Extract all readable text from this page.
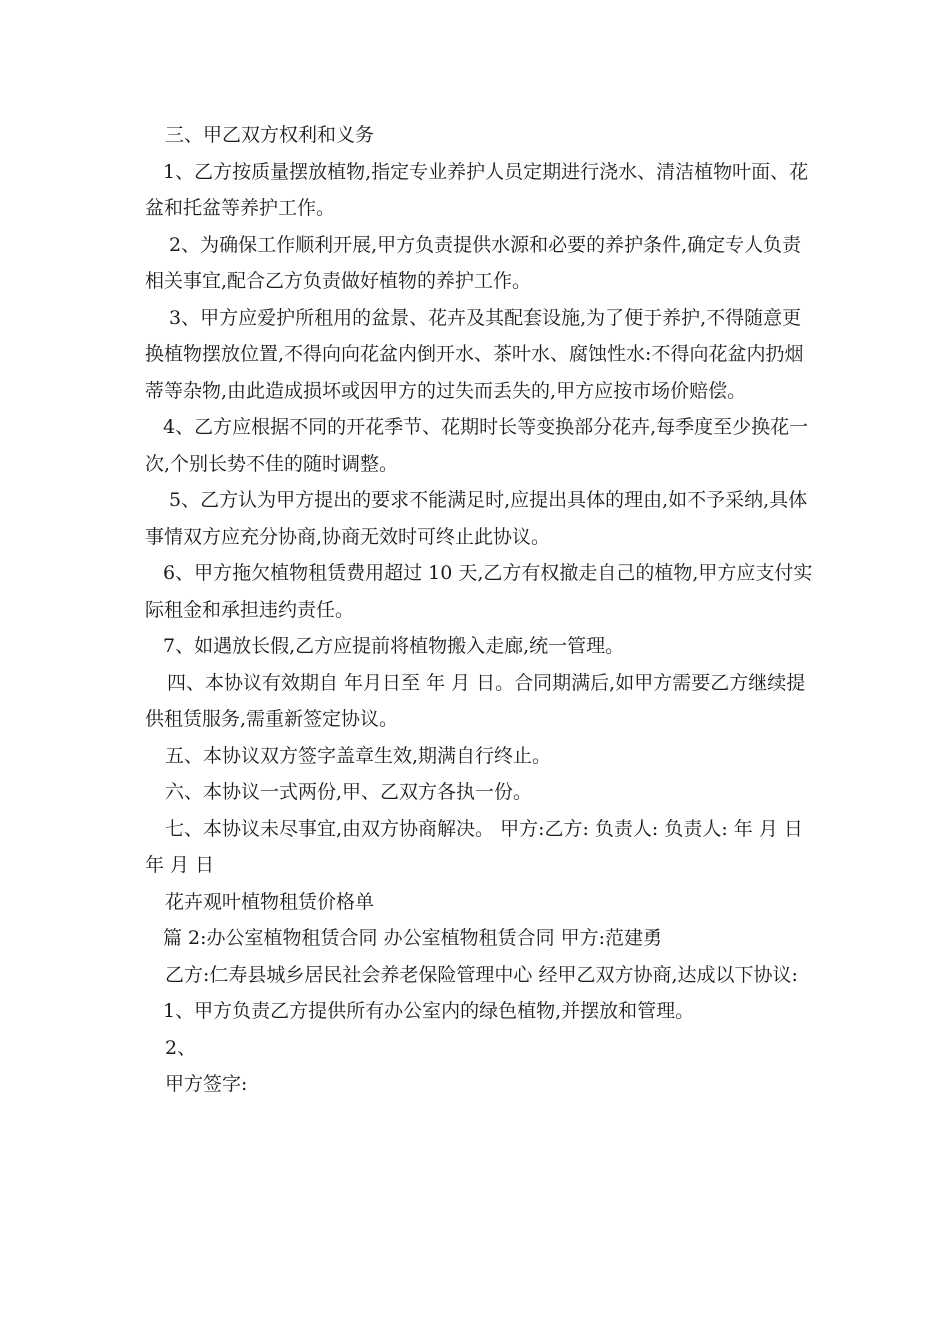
三、甲乙双方权利和义务

1、乙方按质量摆放植物,指定专业养护人员定期进行浇水、清洁植物叶面、花盆和托盆等养护工作。

2、为确保工作顺利开展,甲方负责提供水源和必要的养护条件,确定专人负责相关事宜,配合乙方负责做好植物的养护工作。

3、甲方应爱护所租用的盆景、花卉及其配套设施,为了便于养护,不得随意更换植物摆放位置,不得向向花盆内倒开水、茶叶水、腐蚀性水:不得向花盆内扔烟蒂等杂物,由此造成损坏或因甲方的过失而丢失的,甲方应按市场价赔偿。

4、乙方应根据不同的开花季节、花期时长等变换部分花卉,每季度至少换花一次,个别长势不佳的随时调整。

5、乙方认为甲方提出的要求不能满足时,应提出具体的理由,如不予采纳,具体事情双方应充分协商,协商无效时可终止此协议。

6、甲方拖欠植物租赁费用超过 10 天,乙方有权撤走自己的植物,甲方应支付实际租金和承担违约责任。

7、如遇放长假,乙方应提前将植物搬入走廊,统一管理。

四、本协议有效期自 年月日至 年 月 日。合同期满后,如甲方需要乙方继续提供租赁服务,需重新签定协议。

五、本协议双方签字盖章生效,期满自行终止。

六、本协议一式两份,甲、乙双方各执一份。

七、本协议未尽事宜,由双方协商解决。 甲方:乙方: 负责人: 负责人: 年 月 日 年 月 日

花卉观叶植物租赁价格单

篇 2:办公室植物租赁合同 办公室植物租赁合同 甲方:范建勇

乙方:仁寿县城乡居民社会养老保险管理中心 经甲乙双方协商,达成以下协议:

1、甲方负责乙方提供所有办公室内的绿色植物,并摆放和管理。

2、

甲方签字:
